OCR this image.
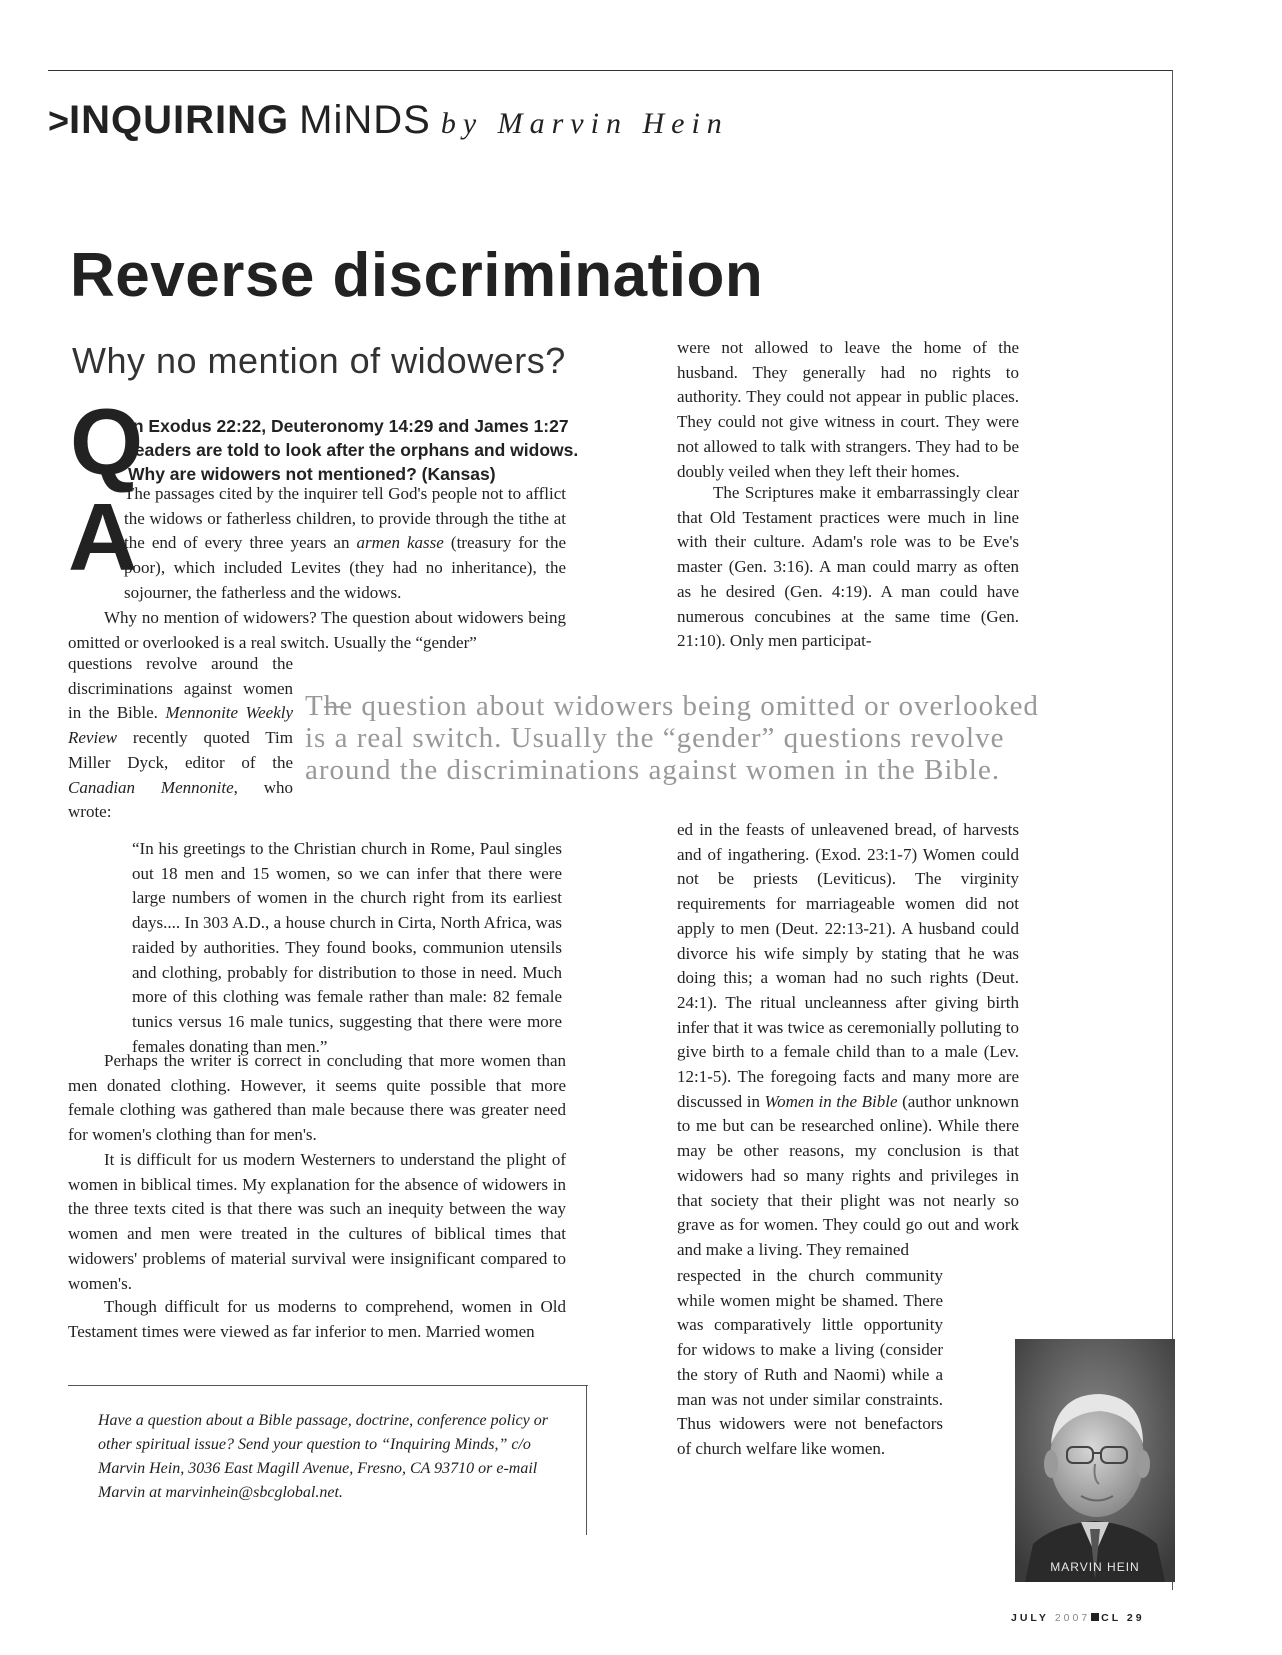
>INQUIRING MiNDS by Marvin Hein
Reverse discrimination
Why no mention of widowers?
Q
In Exodus 22:22, Deuteronomy 14:29 and James 1:27 readers are told to look after the orphans and widows. Why are widowers not mentioned? (Kansas)
A
The passages cited by the inquirer tell God's people not to afflict the widows or fatherless children, to provide through the tithe at the end of every three years an armen kasse (treasury for the poor), which included Levites (they had no inheritance), the sojourner, the fatherless and the widows.
Why no mention of widowers? The question about widowers being omitted or overlooked is a real switch. Usually the “gender”
questions revolve around the discriminations against women in the Bible. Mennonite Weekly Review recently quoted Tim Miller Dyck, editor of the Canadian Mennonite, who wrote:
The question about widowers being omitted or overlooked
is a real switch. Usually the “gender” questions revolve
around the discriminations against women in the Bible.
“In his greetings to the Christian church in Rome, Paul singles out 18 men and 15 women, so we can infer that there were large numbers of women in the church right from its earliest days.... In 303 A.D., a house church in Cirta, North Africa, was raided by authorities. They found books, communion utensils and clothing, probably for distribution to those in need. Much more of this clothing was female rather than male: 82 female tunics versus 16 male tunics, suggesting that there were more females donating than men.”
Perhaps the writer is correct in concluding that more women than men donated clothing. However, it seems quite possible that more female clothing was gathered than male because there was greater need for women's clothing than for men's.
It is difficult for us modern Westerners to understand the plight of women in biblical times. My explanation for the absence of widowers in the three texts cited is that there was such an inequity between the way women and men were treated in the cultures of biblical times that widowers' problems of material survival were insignificant compared to women's.
Though difficult for us moderns to comprehend, women in Old Testament times were viewed as far inferior to men. Married women
were not allowed to leave the home of the husband. They generally had no rights to authority. They could not appear in public places. They could not give witness in court. They were not allowed to talk with strangers. They had to be doubly veiled when they left their homes.
The Scriptures make it embarrassingly clear that Old Testament practices were much in line with their culture. Adam's role was to be Eve's master (Gen. 3:16). A man could marry as often as he desired (Gen. 4:19). A man could have numerous concubines at the same time (Gen. 21:10). Only men participat-
ed in the feasts of unleavened bread, of harvests and of ingathering. (Exod. 23:1-7) Women could not be priests (Leviticus). The virginity requirements for marriageable women did not apply to men (Deut. 22:13-21). A husband could divorce his wife simply by stating that he was doing this; a woman had no such rights (Deut. 24:1). The ritual uncleanness after giving birth infer that it was twice as ceremonially polluting to give birth to a female child than to a male (Lev. 12:1-5). The foregoing facts and many more are discussed in Women in the Bible (author unknown to me but can be researched online). While there may be other reasons, my conclusion is that widowers had so many rights and privileges in that society that their plight was not nearly so grave as for women. They could go out and work and make a living. They remained
respected in the church community while women might be shamed. There was comparatively little opportunity for widows to make a living (consider the story of Ruth and Naomi) while a man was not under similar constraints. Thus widowers were not benefactors of church welfare like women.
Have a question about a Bible passage, doctrine, conference policy or other spiritual issue? Send your question to “Inquiring Minds,” c/o Marvin Hein, 3036 East Magill Avenue, Fresno, CA 93710 or e-mail Marvin at marvinhein@sbcglobal.net.
MARVIN HEIN
JULY 2007 CL 29
